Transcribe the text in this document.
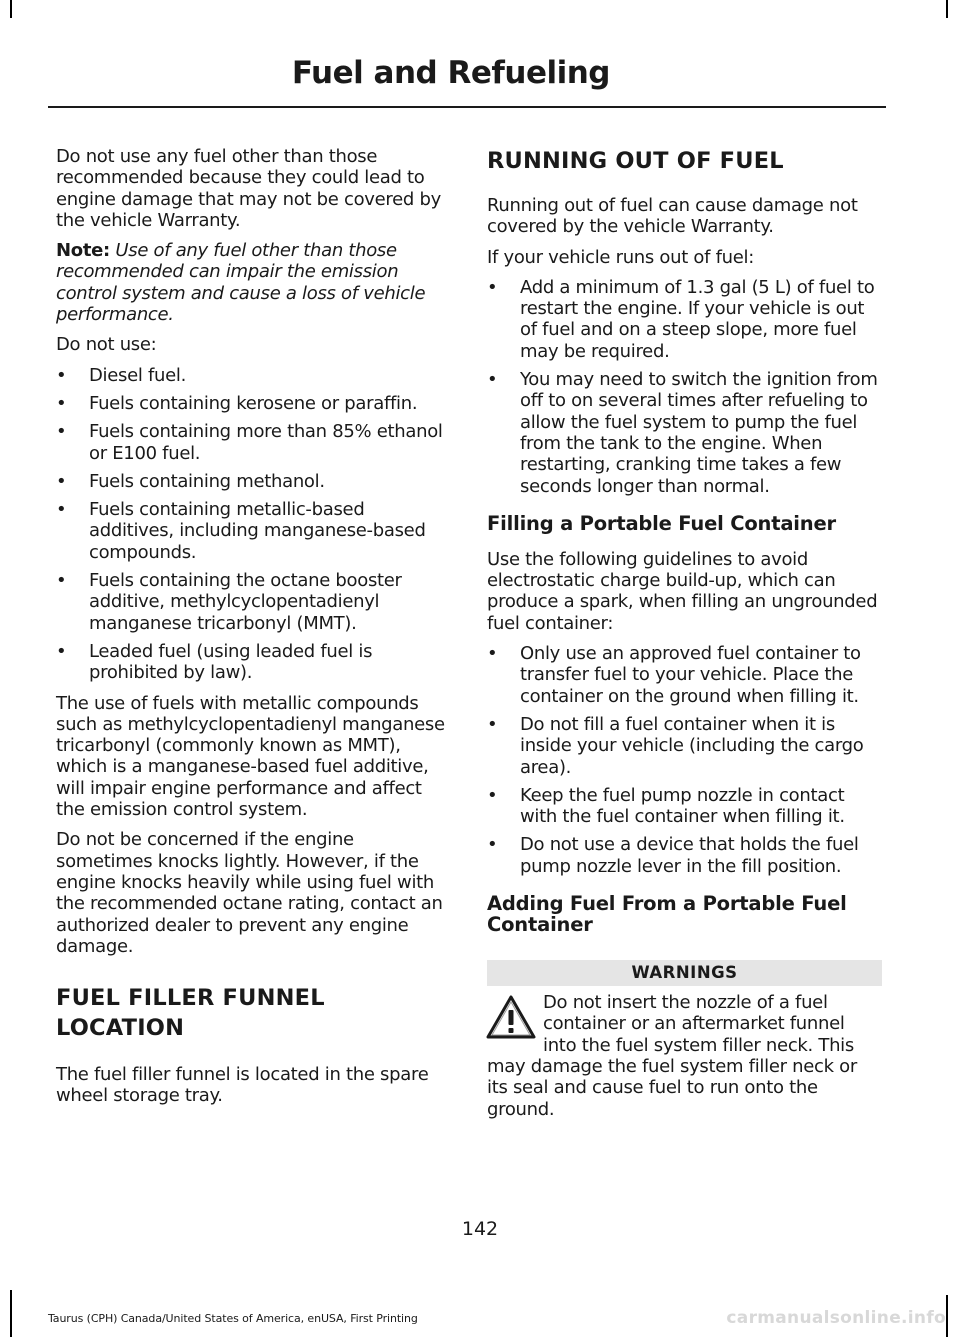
Fuel and Refueling

Do not use any fuel other than those recommended because they could lead to engine damage that may not be covered by the vehicle Warranty.

Note: Use of any fuel other than those recommended can impair the emission control system and cause a loss of vehicle performance.

Do not use:

• Diesel fuel.
• Fuels containing kerosene or paraffin.
• Fuels containing more than 85% ethanol or E100 fuel.
• Fuels containing methanol.
• Fuels containing metallic-based additives, including manganese-based compounds.
• Fuels containing the octane booster additive, methylcyclopentadienyl manganese tricarbonyl (MMT).
• Leaded fuel (using leaded fuel is prohibited by law).

The use of fuels with metallic compounds such as methylcyclopentadienyl manganese tricarbonyl (commonly known as MMT), which is a manganese-based fuel additive, will impair engine performance and affect the emission control system.

Do not be concerned if the engine sometimes knocks lightly. However, if the engine knocks heavily while using fuel with the recommended octane rating, contact an authorized dealer to prevent any engine damage.

FUEL FILLER FUNNEL
LOCATION

The fuel filler funnel is located in the spare wheel storage tray.

RUNNING OUT OF FUEL

Running out of fuel can cause damage not covered by the vehicle Warranty.

If your vehicle runs out of fuel:

• Add a minimum of 1.3 gal (5 L) of fuel to restart the engine. If your vehicle is out of fuel and on a steep slope, more fuel may be required.
• You may need to switch the ignition from off to on several times after refueling to allow the fuel system to pump the fuel from the tank to the engine. When restarting, cranking time takes a few seconds longer than normal.
Filling a Portable Fuel Container

Use the following guidelines to avoid electrostatic charge build-up, which can produce a spark, when filling an ungrounded fuel container:

• Only use an approved fuel container to transfer fuel to your vehicle. Place the container on the ground when filling it.
• Do not fill a fuel container when it is inside your vehicle (including the cargo area).
• Keep the fuel pump nozzle in contact with the fuel container when filling it.
• Do not use a device that holds the fuel pump nozzle lever in the fill position.
Adding Fuel From a Portable Fuel Container
WARNINGS

Do not insert the nozzle of a fuel container or an aftermarket funnel into the fuel system filler neck. This may damage the fuel system filler neck or its seal and cause fuel to run onto the ground.

142
Taurus (CPH) Canada/United States of America, enUSA, First Printing	carmanualsonline.info
